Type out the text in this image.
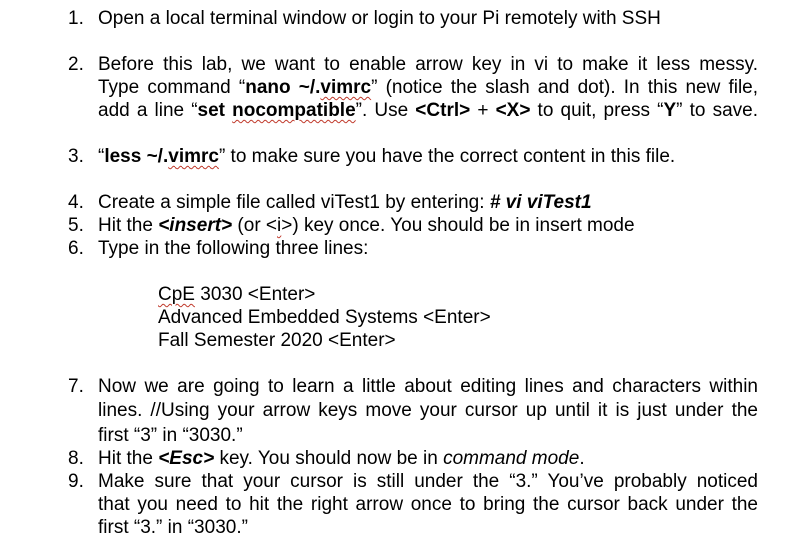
1. Open a local terminal window or login to your Pi remotely with SSH
2. Before this lab, we want to enable arrow key in vi to make it less messy.
Type command “nano ~/.vimrc” (notice the slash and dot). In this new file,
add a line “set nocompatible”. Use <Ctrl> + <X> to quit, press “Y” to save.
3. “less ~/.vimrc” to make sure you have the correct content in this file.
4. Create a simple file called viTest1 by entering: # vi viTest1
5. Hit the <insert> (or <i>) key once. You should be in insert mode
6. Type in the following three lines:
CpE 3030 <Enter>
Advanced Embedded Systems <Enter>
Fall Semester 2020 <Enter>
7. Now we are going to learn a little about editing lines and characters within
lines. //Using your arrow keys move your cursor up until it is just under the
first “3” in “3030.”
8. Hit the <Esc> key. You should now be in command mode.
9. Make sure that your cursor is still under the “3.” You’ve probably noticed
that you need to hit the right arrow once to bring the cursor back under the
first “3.” in “3030.”
